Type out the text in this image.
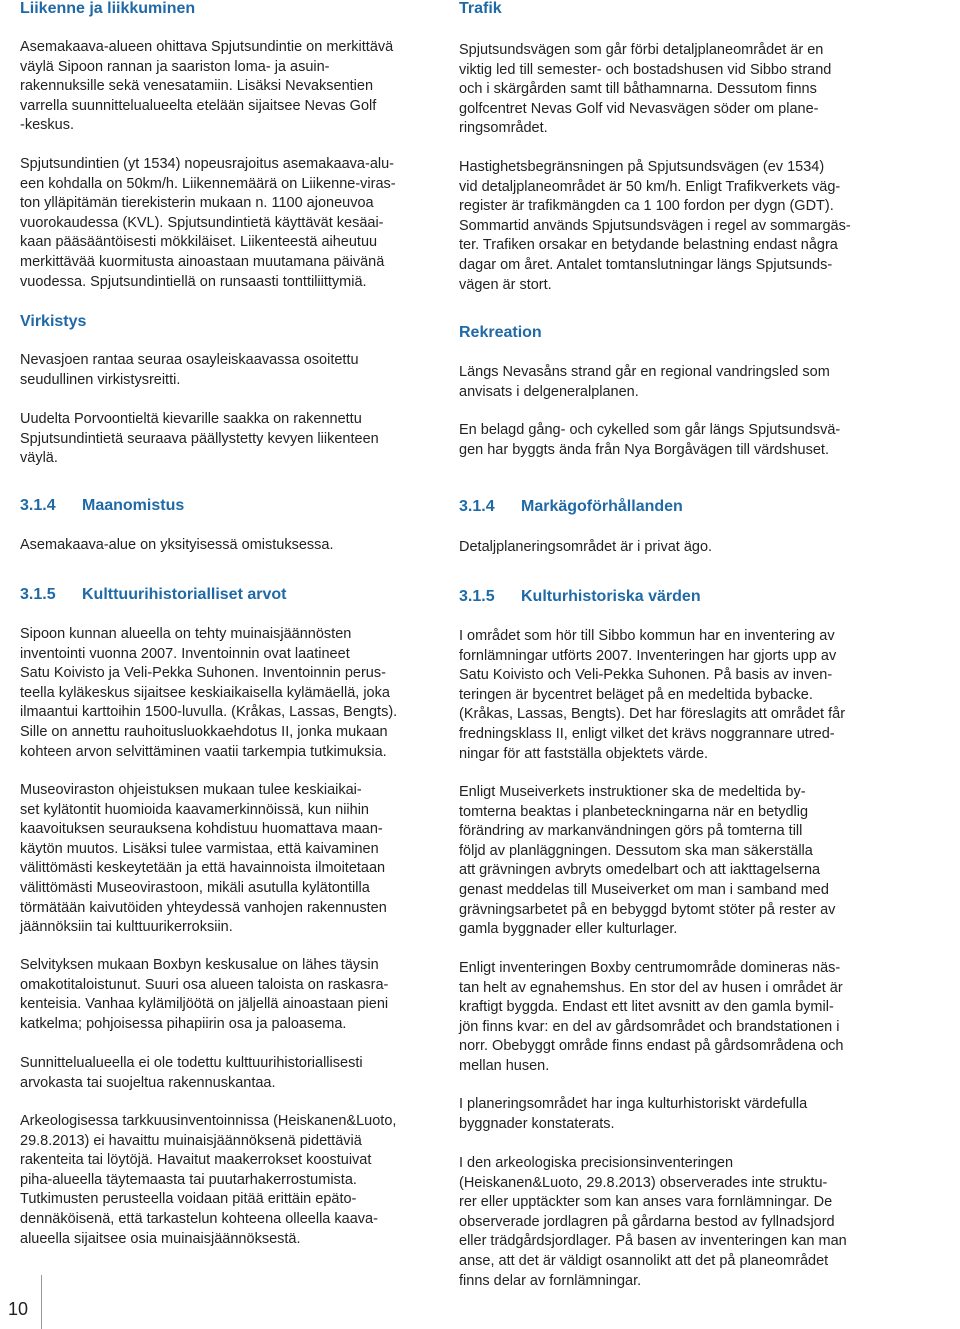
Liikenne ja liikkuminen
Asemakaava-alueen ohittava Spjutsundintie on merkittävä
väylä Sipoon rannan ja saariston loma- ja asuin-
rakennuksille sekä venesatamiin. Lisäksi Nevaksentien
varrella suunnittelualueelta etelään sijaitsee Nevas Golf
-keskus.
Spjutsundintien (yt 1534) nopeusrajoitus asemakaava-alu-
een kohdalla on 50km/h. Liikennemäärä on Liikenne-viras-
ton ylläpitämän tierekisterin mukaan n. 1100 ajoneuvoa
vuorokaudessa (KVL). Spjutsundintietä käyttävät kesäai-
kaan pääsääntöisesti mökkiläiset. Liikenteestä aiheutuu
merkittävää kuormitusta ainoastaan muutamana päivänä
vuodessa. Spjutsundintiellä on runsaasti tonttiliittymiä.
Virkistys
Nevasjoen rantaa seuraa osayleiskaavassa osoitettu
seudullinen virkistysreitti.
Uudelta Porvoontieltä kievarille saakka on rakennettu
Spjutsundintietä seuraava päällystetty kevyen liikenteen
väylä.
3.1.4 Maanomistus
Asemakaava-alue on yksityisessä omistuksessa.
3.1.5 Kulttuurihistorialliset arvot
Sipoon kunnan alueella on tehty muinaisjäännösten
inventointi vuonna 2007. Inventoinnin ovat laatineet
Satu Koivisto ja Veli-Pekka Suhonen. Inventoinnin perus-
teella kyläkeskus sijaitsee keskiaikaisella kylämäellä, joka
ilmaantui karttoihin 1500-luvulla. (Kråkas, Lassas, Bengts).
Sille on annettu rauhoitusluokkaehdotus II, jonka mukaan
kohteen arvon selvittäminen vaatii tarkempia tutkimuksia.
Museoviraston ohjeistuksen mukaan tulee keskiaikai-
set kylätontit huomioida kaavamerkinnöissä, kun niihin
kaavoituksen seurauksena kohdistuu huomattava maan-
käytön muutos. Lisäksi tulee varmistaa, että kaivaminen
välittömästi keskeytetään ja että havainnoista ilmoitetaan
välittömästi Museovirastoon, mikäli asutulla kylätontilla
törmätään kaivutöiden yhteydessä vanhojen rakennusten
jäännöksiin tai kulttuurikerroksiin.
Selvityksen mukaan Boxbyn keskusalue on lähes täysin
omakotitaloistunut. Suuri osa alueen taloista on raskasra-
kenteisia. Vanhaa kylämiljöötä on jäljellä ainoastaan pieni
katkelma; pohjoisessa pihapiirin osa ja paloasema.
Sunnittelualueella ei ole todettu kulttuurihistoriallisesti
arvokasta tai suojeltua rakennuskantaa.
Arkeologisessa tarkkuusinventoinnissa (Heiskanen&Luoto,
29.8.2013) ei havaittu muinaisjäännöksenä pidettäviä
rakenteita tai löytöjä. Havaitut maakerrokset koostuivat
piha-alueella täytemaasta tai puutarhakerrostumista.
Tutkimusten perusteella voidaan pitää erittäin epäto-
dennäköisenä, että tarkastelun kohteena olleella kaava-
alueella sijaitsee osia muinaisjäännöksestä.
Trafik
Spjutsundsvägen som går förbi detaljplaneområdet är en
viktig led till semester- och bostadshusen vid Sibbo strand
och i skärgården samt till båthamnarna. Dessutom finns
golfcentret Nevas Golf vid Nevasvägen söder om plane-
ringsområdet.
Hastighetsbegränsningen på Spjutsundsvägen (ev 1534)
vid detaljplaneområdet är 50 km/h. Enligt Trafikverkets väg-
register är trafikmängden ca 1 100 fordon per dygn (GDT).
Sommartid används Spjutsundsvägen i regel av sommargäs-
ter. Trafiken orsakar en betydande belastning endast några
dagar om året. Antalet tomtanslutningar längs Spjutsunds-
vägen är stort.
Rekreation
Längs Nevasåns strand går en regional vandringsled som
anvisats i delgeneralplanen.
En belagd gång- och cykelled som går längs Spjutsundsvä-
gen har byggts ända från Nya Borgåvägen till värdshuset.
3.1.4 Markägoförhållanden
Detaljplaneringsområdet är i privat ägo.
3.1.5 Kulturhistoriska värden
I området som hör till Sibbo kommun har en inventering av
fornlämningar utförts 2007. Inventeringen har gjorts upp av
Satu Koivisto och Veli-Pekka Suhonen. På basis av inven-
teringen är bycentret beläget på en medeltida bybacke.
(Kråkas, Lassas, Bengts). Det har föreslagits att området får
fredningsklass II, enligt vilket det krävs noggrannare utred-
ningar för att fastställa objektets värde.
Enligt Museiverkets instruktioner ska de medeltida by-
tomterna beaktas i planbeteckningarna när en betydlig
förändring av markanvändningen görs på tomterna till
följd av planläggningen. Dessutom ska man säkerställa
att grävningen avbryts omedelbart och att iakttagelserna
genast meddelas till Museiverket om man i samband med
grävningsarbetet på en bebyggd bytomt stöter på rester av
gamla byggnader eller kulturlager.
Enligt inventeringen Boxby centrumområde domineras näs-
tan helt av egnahemshus. En stor del av husen i området är
kraftigt byggda. Endast ett litet avsnitt av den gamla bymil-
jön finns kvar: en del av gårdsområdet och brandstationen i
norr. Obebyggt område finns endast på gårdsområdena och
mellan husen.
I planeringsområdet har inga kulturhistoriskt värdefulla
byggnader konstaterats.
I den arkeologiska precisionsinventeringen
(Heiskanen&Luoto, 29.8.2013) observerades inte struktu-
rer eller upptäckter som kan anses vara fornlämningar. De
observerade jordlagren på gårdarna bestod av fyllnadsjord
eller trädgårdsjordlager. På basen av inventeringen kan man
anse, att det är väldigt osannolikt att det på planeområdet
finns delar av fornlämningar.
10
